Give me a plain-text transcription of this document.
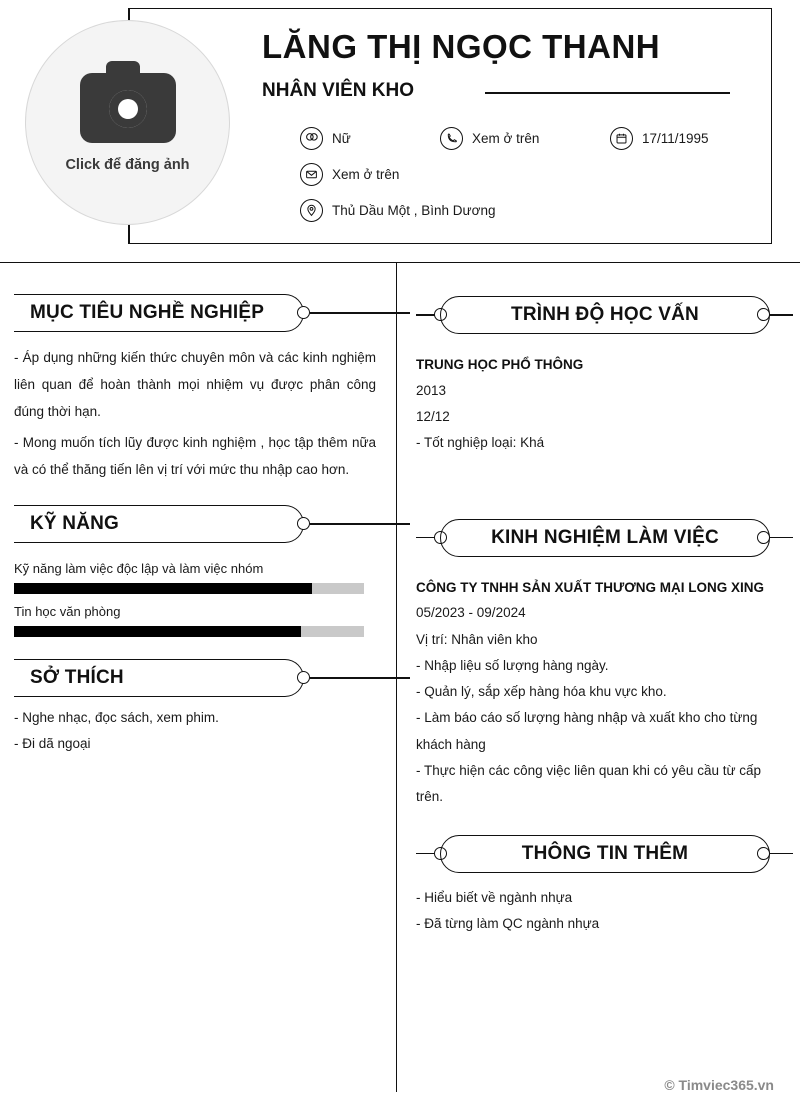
Click để đăng ảnh
LĂNG THỊ NGỌC THANH
NHÂN VIÊN KHO
Nữ	Xem ở trên	17/11/1995
Xem ở trên
Thủ Dầu Một , Bình Dương
MỤC TIÊU NGHỀ NGHIỆP
- Áp dụng những kiến thức chuyên môn và các kinh nghiệm liên quan để hoàn thành mọi nhiệm vụ được phân công đúng thời hạn.
- Mong muốn tích lũy được kinh nghiệm , học tập thêm nữa và có thể thăng tiến lên vị trí với mức thu nhập cao hơn.
KỸ NĂNG
Kỹ năng làm việc độc lập và làm việc nhóm
Tin học văn phòng
SỞ THÍCH
- Nghe nhạc, đọc sách, xem phim.
- Đi dã ngoại
TRÌNH ĐỘ HỌC VẤN
TRUNG HỌC PHỔ THÔNG
2013
12/12
- Tốt nghiệp loại: Khá
KINH NGHIỆM LÀM VIỆC
CÔNG TY TNHH SẢN XUẤT THƯƠNG MẠI LONG XING
05/2023 - 09/2024
Vị trí: Nhân viên kho
- Nhập liệu số lượng hàng ngày.
- Quản lý, sắp xếp hàng hóa khu vực kho.
- Làm báo cáo số lượng hàng nhập và xuất kho cho từng khách hàng
- Thực hiện các công việc liên quan khi có yêu cầu từ cấp trên.
THÔNG TIN THÊM
- Hiểu biết về ngành nhựa
- Đã từng làm QC ngành nhựa
© Timviec365.vn
